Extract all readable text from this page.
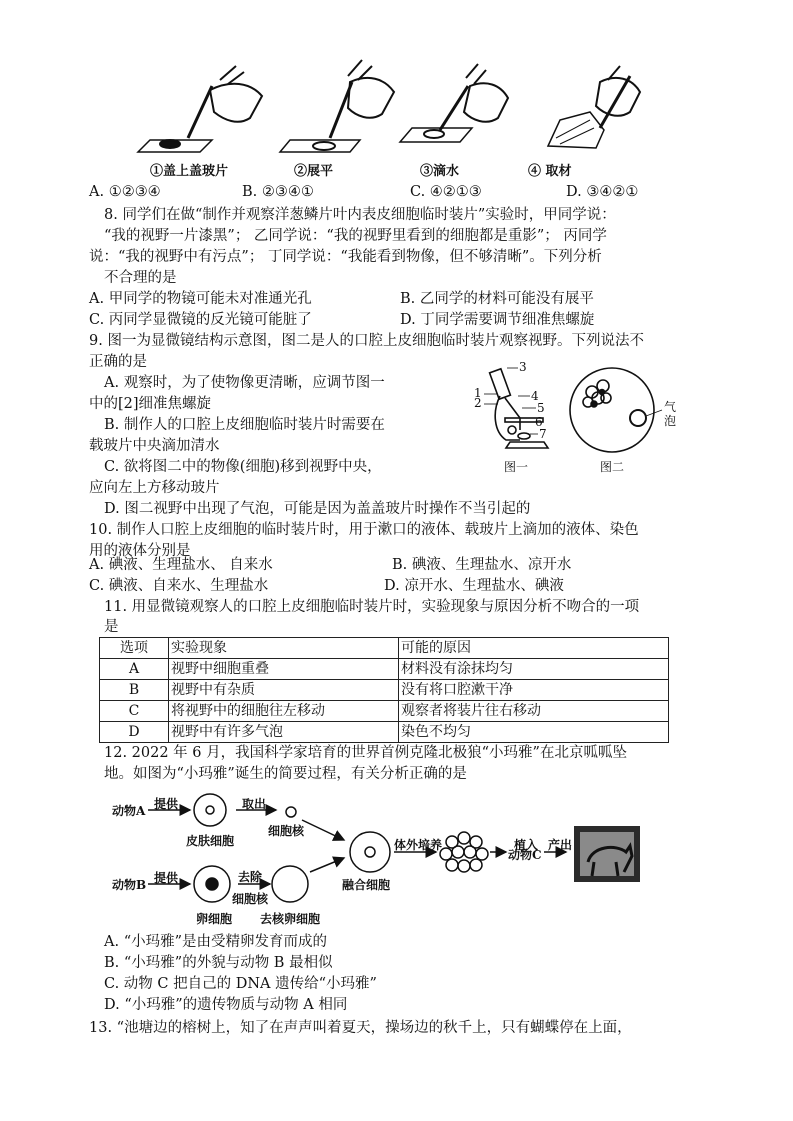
①盖上盖玻片	②展平	③滴水	④ 取材
A. ①②③④	B. ②③④①	C. ④②①③	D. ③④②①
8. 同学们在做“制作并观察洋葱鳞片叶内表皮细胞临时装片”实验时，甲同学说：
“我的视野一片漆黑”； 乙同学说：“我的视野里看到的细胞都是重影”； 丙同学
说：“我的视野中有污点”； 丁同学说：“我能看到物像，但不够清晰”。下列分析
不合理的是
A. 甲同学的物镜可能未对准通光孔	B. 乙同学的材料可能没有展平
C. 丙同学显微镜的反光镜可能脏了	D. 丁同学需要调节细准焦螺旋
9. 图一为显微镜结构示意图，图二是人的口腔上皮细胞临时装片观察视野。下列说法不
正确的是
A. 观察时，为了使物像更清晰，应调节图一
中的[2]细准焦螺旋
B. 制作人的口腔上皮细胞临时装片时需要在
载玻片中央滴加清水
C. 欲将图二中的物像(细胞)移到视野中央，
应向左上方移动玻片
D. 图二视野中出现了气泡，可能是因为盖盖玻片时操作不当引起的
3
1
2	4
5
6
7
气
泡
图一	图二
10. 制作人口腔上皮细胞的临时装片时，用于漱口的液体、载玻片上滴加的液体、染色
用的液体分别是
A. 碘液、生理盐水、 自来水	B. 碘液、生理盐水、凉开水
C. 碘液、自来水、生理盐水	D. 凉开水、生理盐水、碘液
11. 用显微镜观察人的口腔上皮细胞临时装片时，实验现象与原因分析不吻合的一项
是
选项	实验现象	可能的原因
A	视野中细胞重叠	材料没有涂抹均匀
B	视野中有杂质	没有将口腔漱干净
C	将视野中的细胞往左移动	观察者将装片往右移动
D	视野中有许多气泡	染色不均匀
12. 2022 年 6 月，我国科学家培育的世界首例克隆北极狼“小玛雅”在北京呱呱坠
地。如图为“小玛雅”诞生的简要过程，有关分析正确的是
动物A 提供
皮肤细胞
取出
细胞核
动物B 提供
卵细胞
去除
细胞核
去核卵细胞
融合细胞
体外培养	植入
动物C
产出
A. “小玛雅”是由受精卵发育而成的
B. “小玛雅”的外貌与动物 B 最相似
C. 动物 C 把自己的 DNA 遗传给“小玛雅”
D. “小玛雅”的遗传物质与动物 A 相同
13. “池塘边的榕树上，知了在声声叫着夏天，操场边的秋千上，只有蝴蝶停在上面，
